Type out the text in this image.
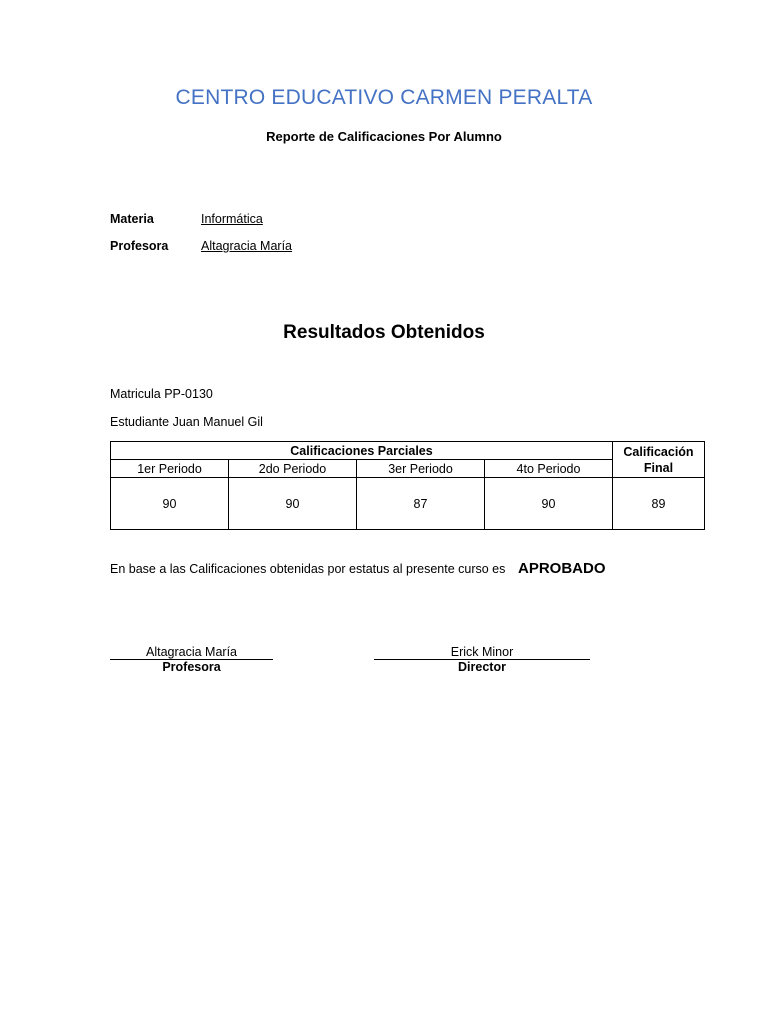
CENTRO EDUCATIVO CARMEN PERALTA
Reporte de Calificaciones Por Alumno
Materia	Informática
Profesora	Altagracia María
Resultados Obtenidos
Matricula PP-0130
Estudiante Juan Manuel Gil
Calificaciones Parciales				Calificación
Final
1er Periodo	2do Periodo	3er Periodo	4to Periodo	
90	90	87	90	89
En base a las Calificaciones obtenidas por estatus al presente curso es APROBADO
Altagracia María
Profesora
Erick Minor
Director
